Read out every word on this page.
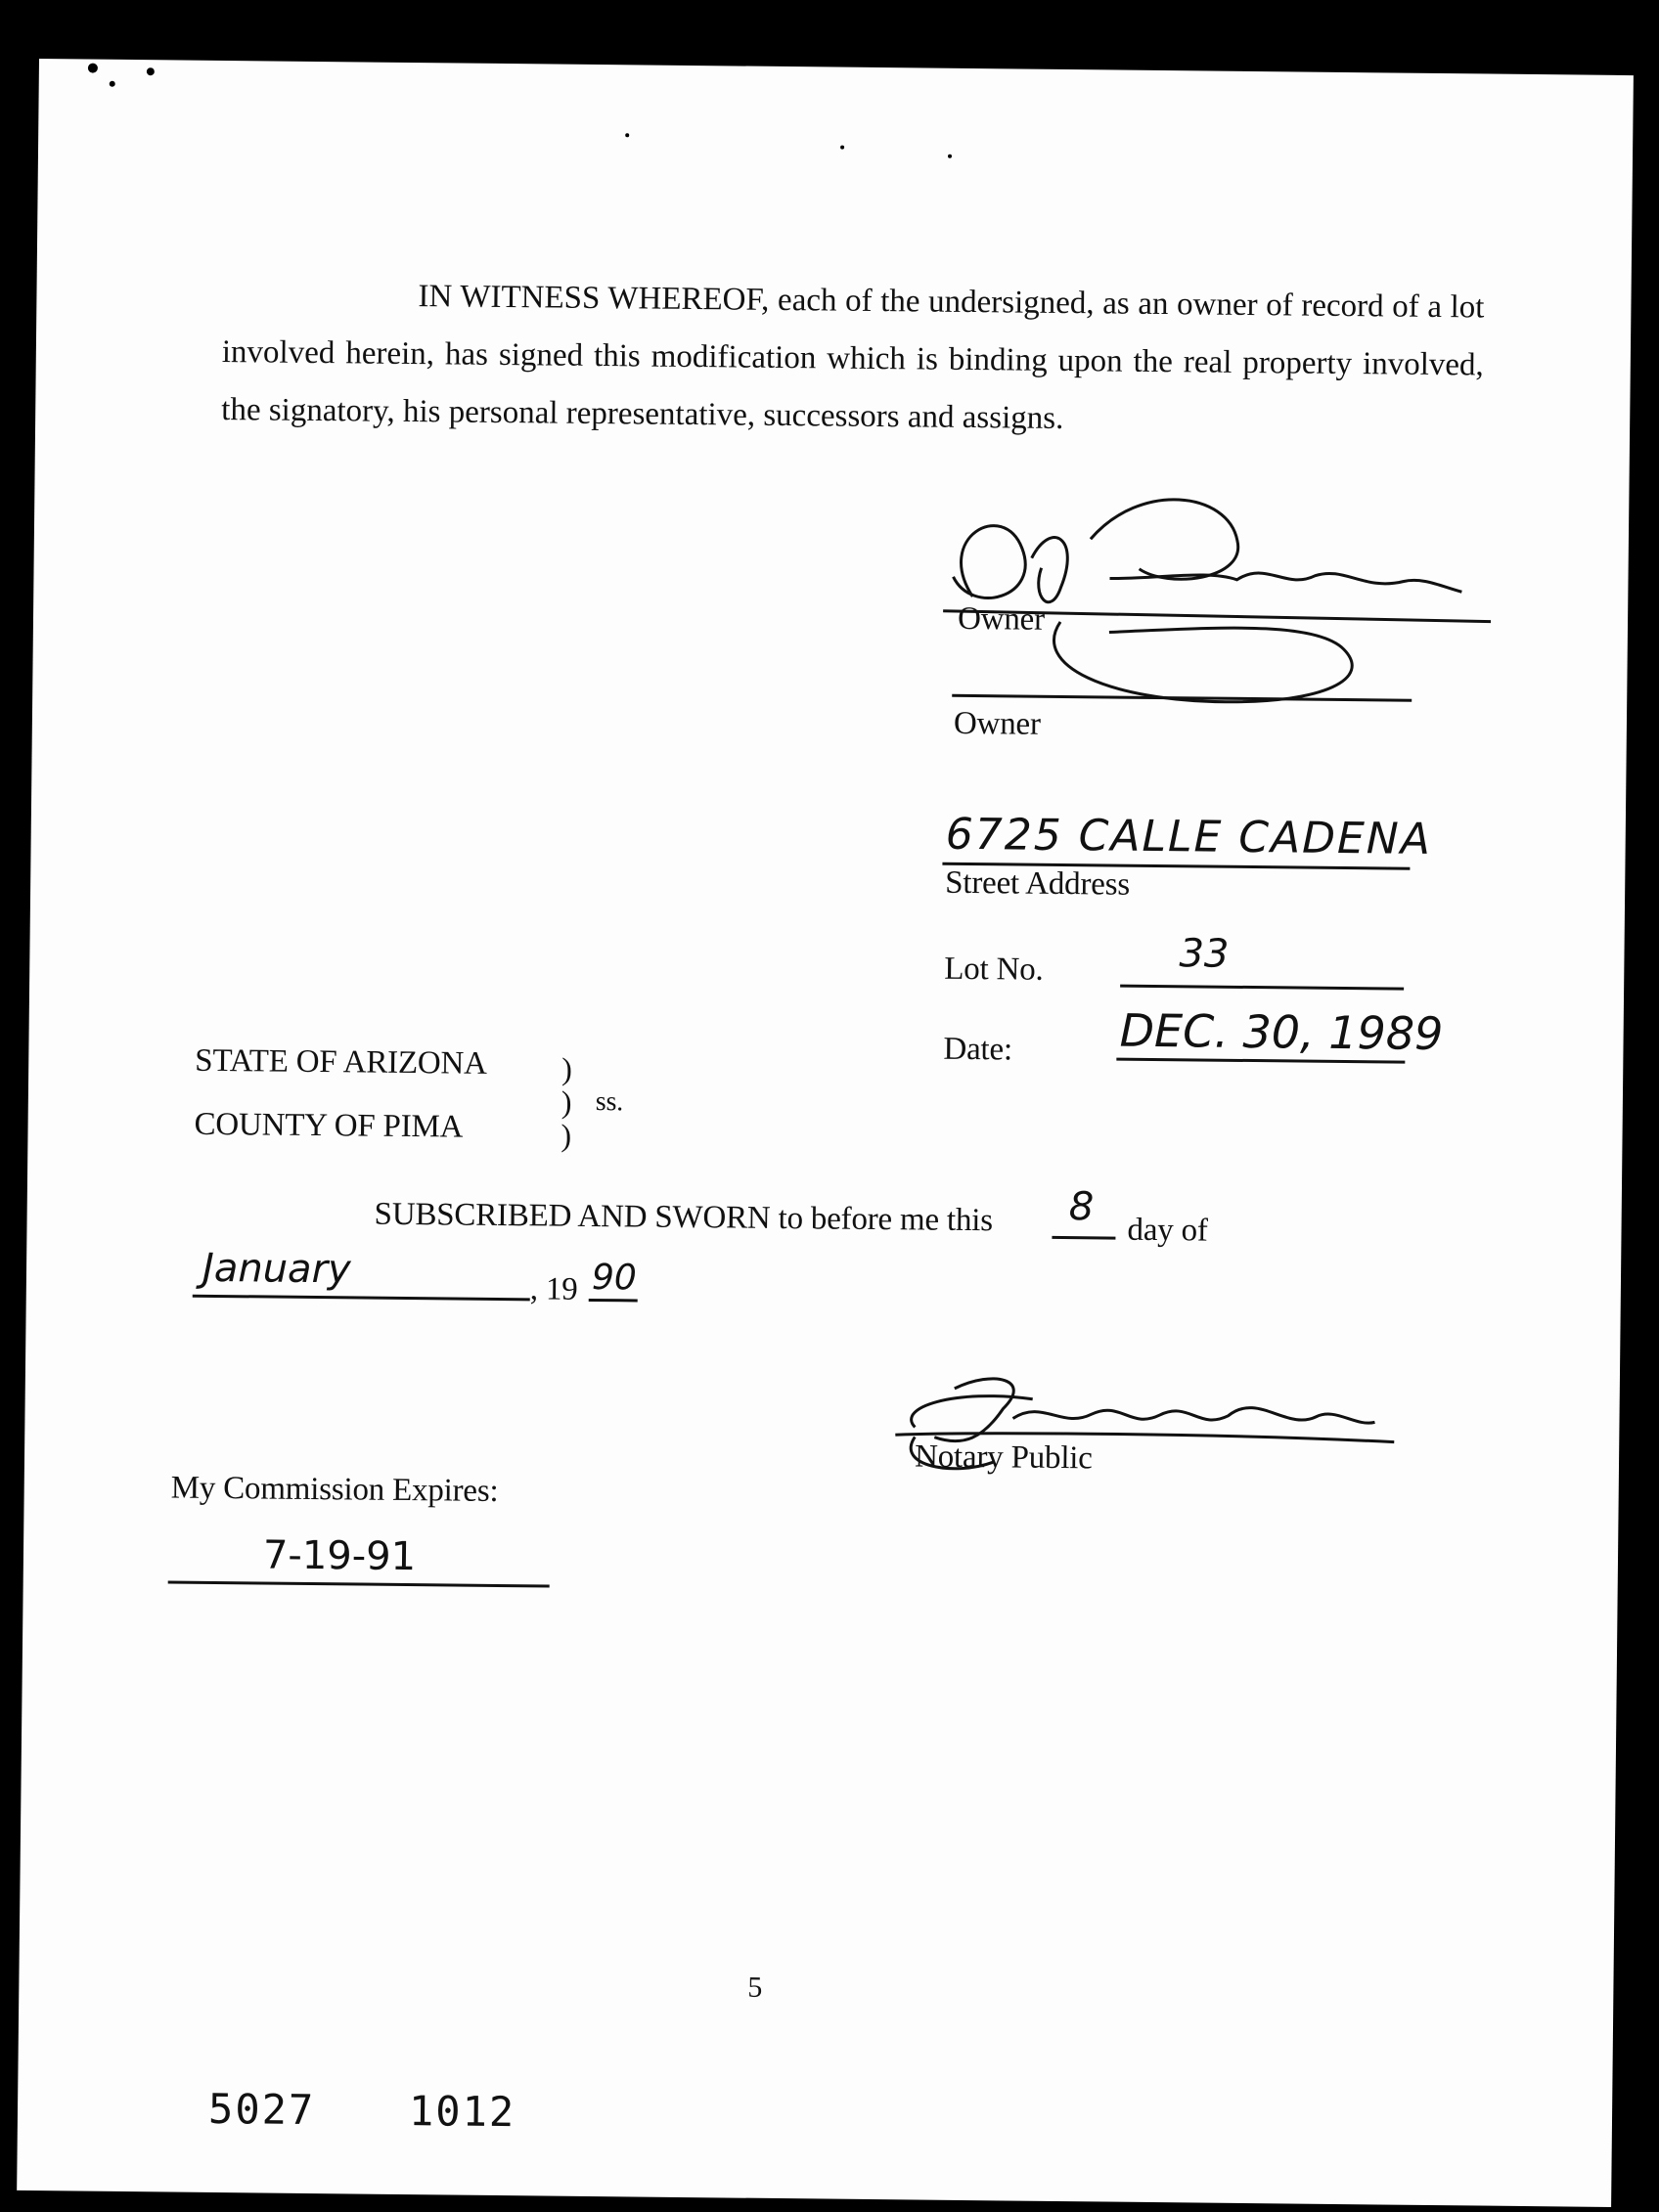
IN WITNESS WHEREOF, each of the undersigned, as an owner of record of a lot involved herein, has signed this modification which is binding upon the real property involved, the signatory, his personal representative, successors and assigns.

Owner
Owner
6725 CALLE CADENA
Street Address
Lot No.	33
Date: DEC. 30, 1989
STATE OF ARIZONA
COUNTY OF PIMA
)
)
)
ss.
SUBSCRIBED AND SWORN to before me this 8
day of
January	, 19 90
Notary Public
My Commission Expires:
7-19-91
5
5027 1012
